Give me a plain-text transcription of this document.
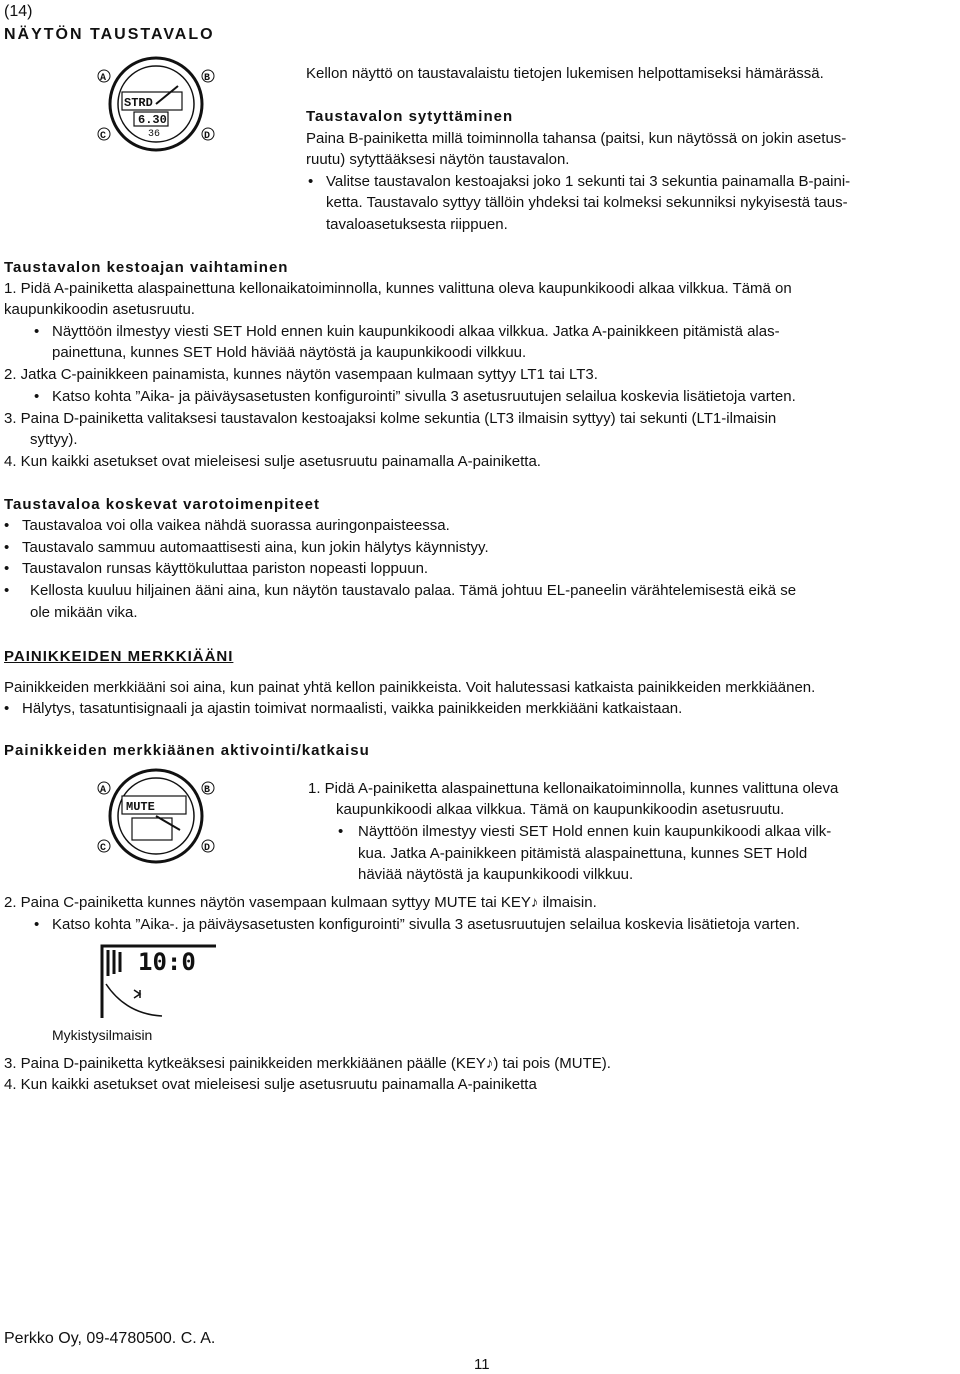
(14)
NÄYTÖN TAUSTAVALO
STRD
6.30
36
A	B
C	D
Kellon näyttö on taustavalaistu tietojen lukemisen helpottamiseksi hämärässä.
Taustavalon sytyttäminen
Paina B-painiketta millä toiminnolla tahansa (paitsi, kun näytössä on jokin asetus-
ruutu) sytyttääksesi näytön taustavalon.
• Valitse taustavalon kestoajaksi joko 1 sekunti tai 3 sekuntia painamalla B-paini-
ketta. Taustavalo syttyy tällöin yhdeksi tai kolmeksi sekunniksi nykyisestä taus-
tavaloasetuksesta riippuen.
Taustavalon kestoajan vaihtaminen
1. Pidä A-painiketta alaspainettuna kellonaikatoiminnolla, kunnes valittuna oleva kaupunkikoodi alkaa vilkkua. Tämä on
kaupunkikoodin asetusruutu.
• Näyttöön ilmestyy viesti SET Hold ennen kuin kaupunkikoodi alkaa vilkkua. Jatka A-painikkeen pitämistä alas-
painettuna, kunnes SET Hold häviää näytöstä ja kaupunkikoodi vilkkuu.
2. Jatka C-painikkeen painamista, kunnes näytön vasempaan kulmaan syttyy LT1 tai LT3.
• Katso kohta ”Aika- ja päiväysasetusten konfigurointi” sivulla 3 asetusruutujen selailua koskevia lisätietoja varten.
3. Paina D-painiketta valitaksesi taustavalon kestoajaksi kolme sekuntia (LT3 ilmaisin syttyy) tai sekunti (LT1-ilmaisin
syttyy).
4. Kun kaikki asetukset ovat mieleisesi sulje asetusruutu painamalla A-painiketta.
Taustavaloa koskevat varotoimenpiteet
• Taustavaloa voi olla vaikea nähdä suorassa auringonpaisteessa.
• Taustavalo sammuu automaattisesti aina, kun jokin hälytys käynnistyy.
• Taustavalon runsas käyttökuluttaa pariston nopeasti loppuun.
• Kellosta kuuluu hiljainen ääni aina, kun näytön taustavalo palaa. Tämä johtuu EL-paneelin värähtelemisestä eikä se
ole mikään vika.
PAINIKKEIDEN MERKKIÄÄNI
Painikkeiden merkkiääni soi aina, kun painat yhtä kellon painikkeista. Voit halutessasi katkaista painikkeiden merkkiäänen.
• Hälytys, tasatuntisignaali ja ajastin toimivat normaalisti, vaikka painikkeiden merkkiääni katkaistaan.
Painikkeiden merkkiäänen aktivointi/katkaisu
MUTE
A	B
C	D
1. Pidä A-painiketta alaspainettuna kellonaikatoiminnolla, kunnes valittuna oleva
kaupunkikoodi alkaa vilkkua. Tämä on kaupunkikoodin asetusruutu.
• Näyttöön ilmestyy viesti SET Hold ennen kuin kaupunkikoodi alkaa vilk-
kua. Jatka A-painikkeen pitämistä alaspainettuna, kunnes SET Hold
häviää näytöstä ja kaupunkikoodi vilkkuu.
2. Paina C-painiketta kunnes näytön vasempaan kulmaan syttyy MUTE tai KEY♪ ilmaisin.
• Katso kohta ”Aika-. ja päiväysasetusten konfigurointi” sivulla 3 asetusruutujen selailua koskevia lisätietoja varten.
10:0
Mykistysilmaisin
3. Paina D-painiketta kytkeäksesi painikkeiden merkkiäänen päälle (KEY♪) tai pois (MUTE).
4. Kun kaikki asetukset ovat mieleisesi sulje asetusruutu painamalla A-painiketta
Perkko Oy, 09-4780500. C. A.
11
